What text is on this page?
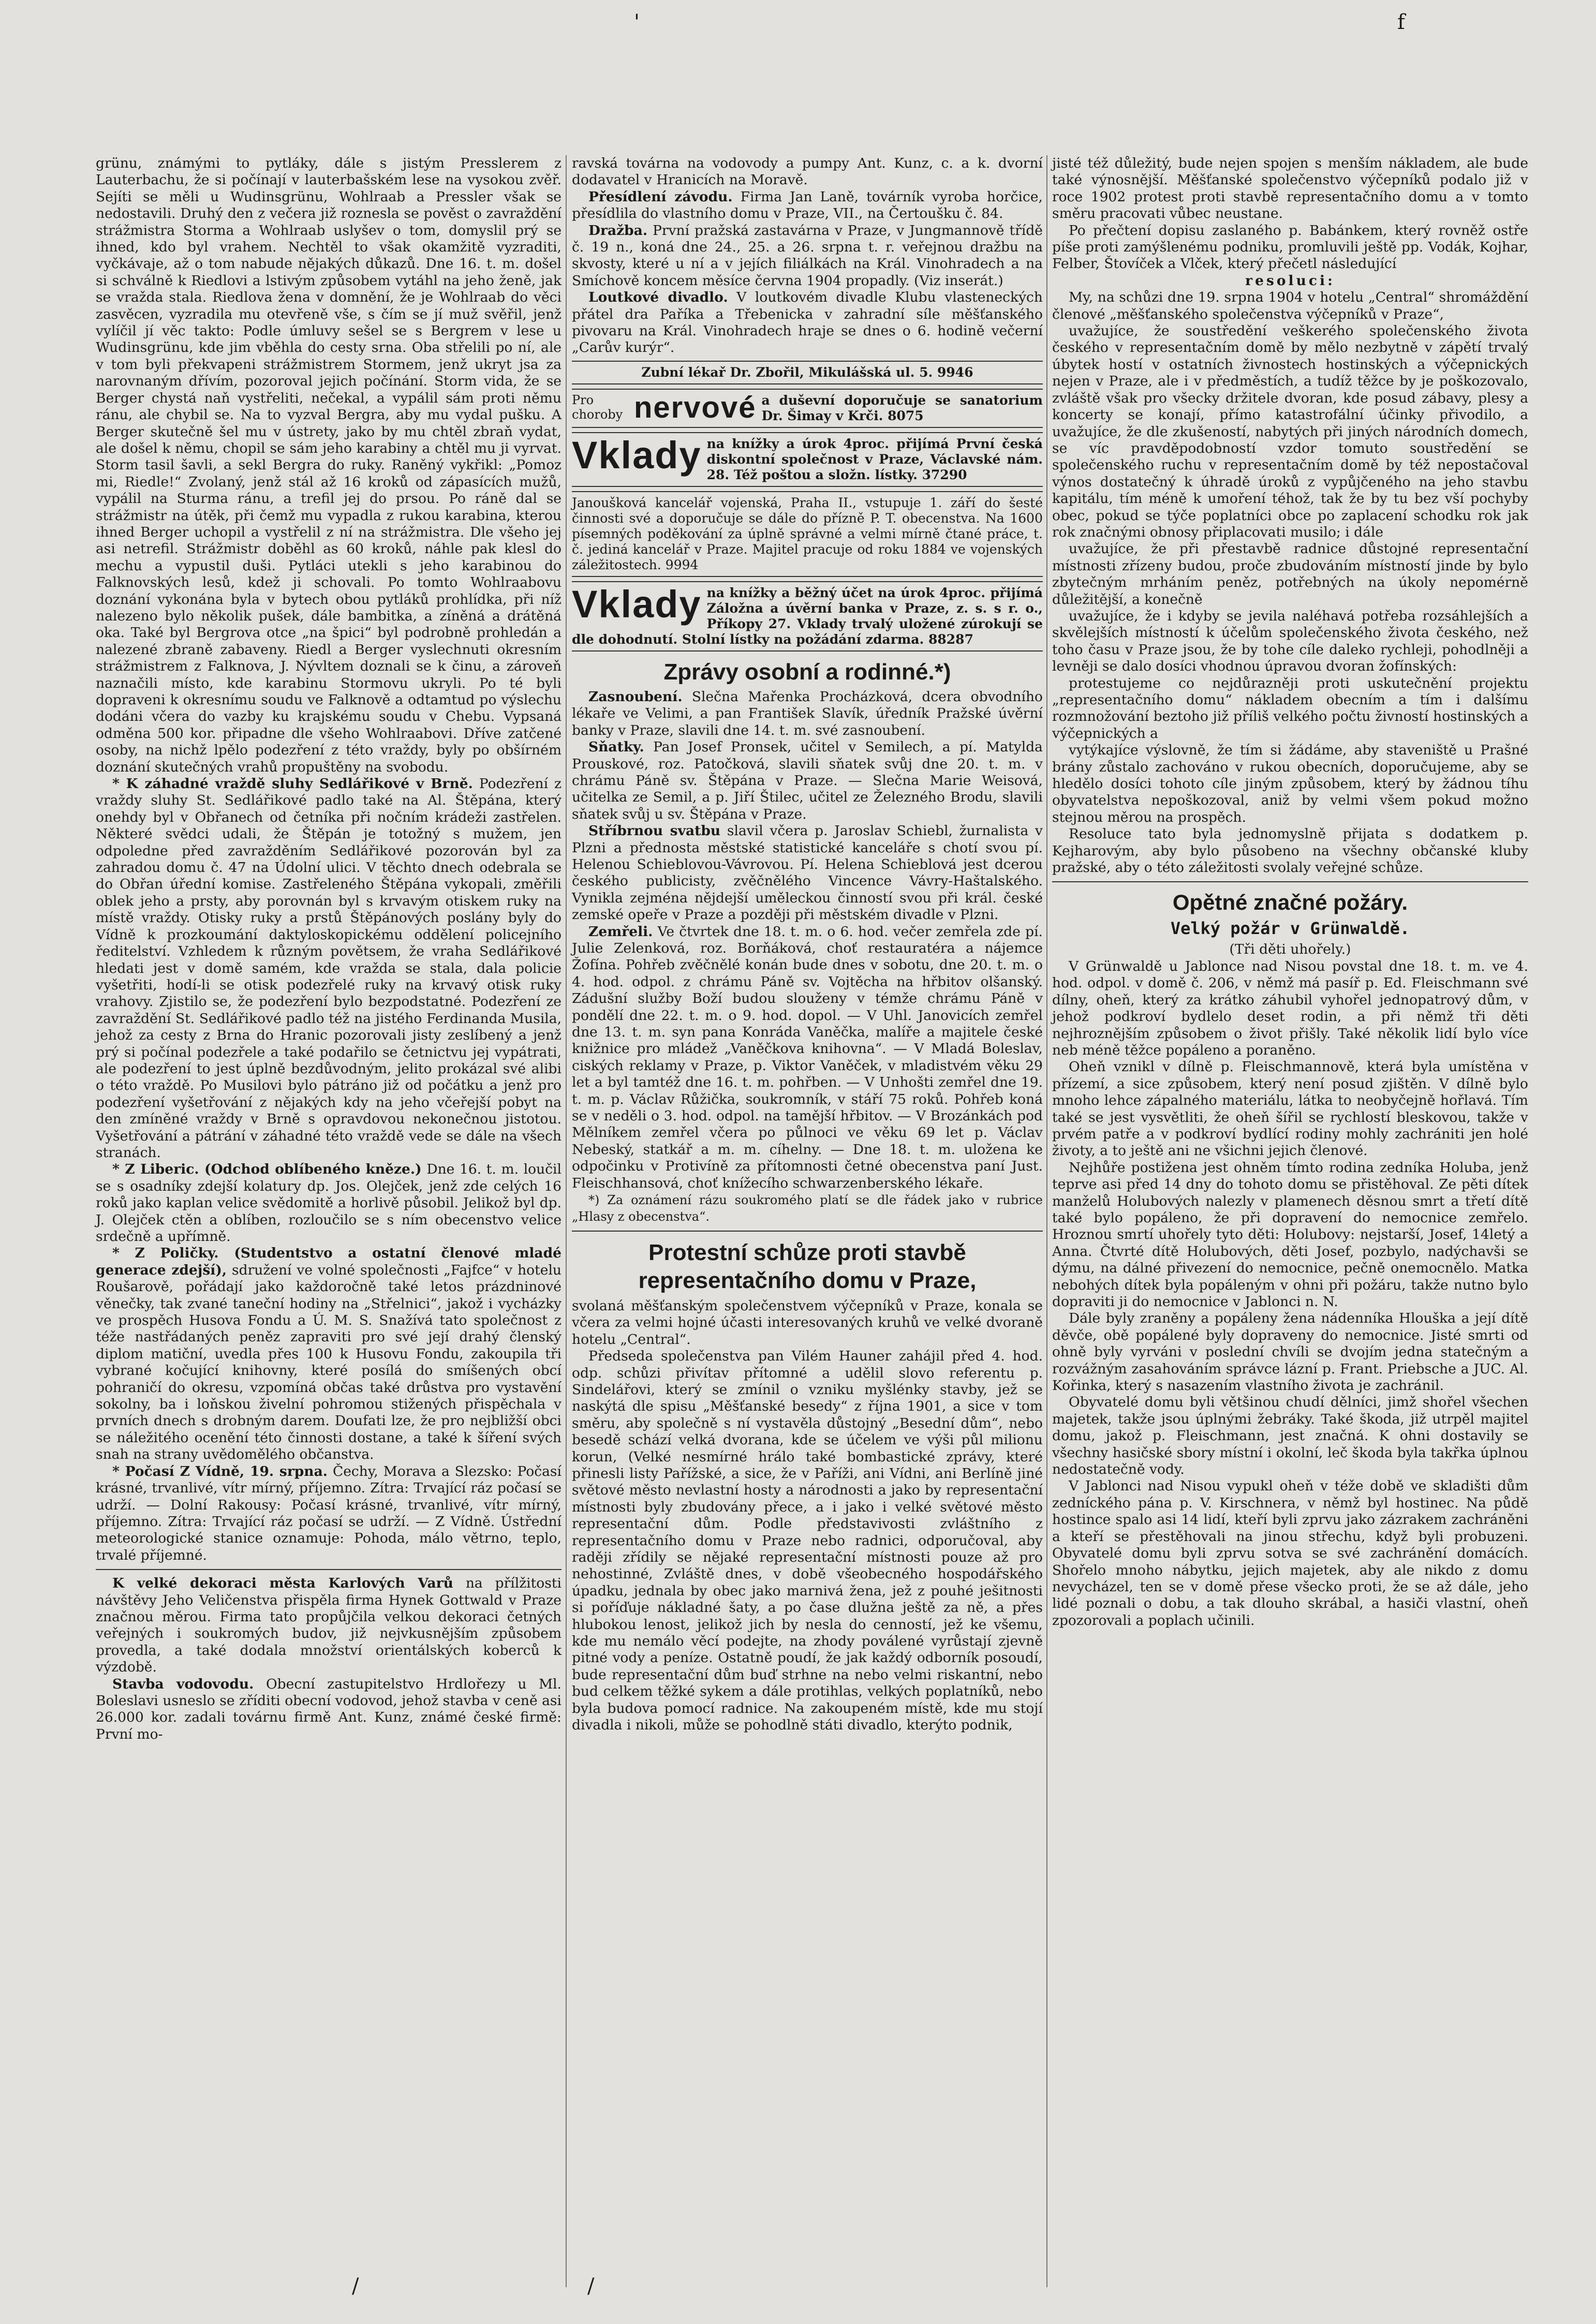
'	f
/	/

grünu, známými to pytláky, dále s jistým Presslerem z Lauterbachu, že si počínají v lauterbašském lese na vysokou zvěř. Sejíti se měli u Wudinsgrünu, Wohlraab a Pressler však se nedostavili. Druhý den z večera již roznesla se pověst o zavraždění strážmistra Storma a Wohlraab uslyšev o tom, domyslil prý se ihned, kdo byl vrahem. Nechtěl to však okamžitě vyzraditi, vyčkávaje, až o tom nabude nějakých důkazů. Dne 16. t. m. došel si schválně k Riedlovi a lstivým způsobem vytáhl na jeho ženě, jak se vražda stala. Riedlova žena v domnění, že je Wohlraab do věci zasvěcen, vyzradila mu otevřeně vše, s čím se jí muž svěřil, jenž vylíčil jí věc takto: Podle úmluvy sešel se s Bergrem v lese u Wudinsgrünu, kde jim vběhla do cesty srna. Oba střelili po ní, ale v tom byli překvapeni strážmistrem Stormem, jenž ukryt jsa za narovnaným dřívím, pozoroval jejich počínání. Storm vida, že se Berger chystá naň vystřeliti, nečekal, a vypálil sám proti němu ránu, ale chybil se. Na to vyzval Bergra, aby mu vydal pušku. A Berger skutečně šel mu v ústrety, jako by mu chtěl zbraň vydat, ale došel k němu, chopil se sám jeho karabiny a chtěl mu ji vyrvat. Storm tasil šavli, a sekl Bergra do ruky. Raněný vykřikl: „Pomoz mi, Riedle!“ Zvolaný, jenž stál až 16 kroků od zápasících mužů, vypálil na Sturma ránu, a trefil jej do prsou. Po ráně dal se strážmistr na útěk, při čemž mu vypadla z rukou karabina, kterou ihned Berger uchopil a vystřelil z ní na strážmistra. Dle všeho jej asi netrefil. Strážmistr doběhl as 60 kroků, náhle pak klesl do mechu a vypustil duši. Pytláci utekli s jeho karabinou do Falknovských lesů, kdež ji schovali. Po tomto Wohlraabovu doznání vykonána byla v bytech obou pytláků prohlídka, při níž nalezeno bylo několik pušek, dále bambitka, a zíněná a drátěná oka. Také byl Bergrova otce „na špici“ byl podrobně prohledán a nalezené zbraně zabaveny. Riedl a Berger vyslechnuti okresním strážmistrem z Falknova, J. Nývltem doznali se k činu, a zároveň naznačili místo, kde karabinu Stormovu ukryli. Po té byli dopraveni k okresnímu soudu ve Falknově a odtamtud po výslechu dodáni včera do vazby ku krajskému soudu v Chebu. Vypsaná odměna 500 kor. připadne dle všeho Wohlraabovi. Dříve zatčené osoby, na nichž lpělo podezření z této vraždy, byly po obšírném doznání skutečných vrahů propuštěny na svobodu.

* K záhadné vraždě sluhy Sedlářikové v Brně. Podezření z vraždy sluhy St. Sedlářikové padlo také na Al. Štěpána, který onehdy byl v Obřanech od četníka při nočním krádeži zastřelen. Některé svědci udali, že Štěpán je totožný s mužem, jen odpoledne před zavražděním Sedlářikové pozorován byl za zahradou domu č. 47 na Údolní ulici. V těchto dnech odebrala se do Obřan úřední komise. Zastřeleného Štěpána vykopali, změřili oblek jeho a prsty, aby porovnán byl s krvavým otiskem ruky na místě vraždy. Otisky ruky a prstů Štěpánových poslány byly do Vídně k prozkoumání daktyloskopickému oddělení policejního ředitelství. Vzhledem k různým povětsem, že vraha Sedlářikové hledati jest v domě samém, kde vražda se stala, dala policie vyšetřiti, hodí-li se otisk podezřelé ruky na krvavý otisk ruky vrahovy. Zjistilo se, že podezření bylo bezpodstatné. Podezření ze zavraždění St. Sedlářikové padlo též na jistého Ferdinanda Musila, jehož za cesty z Brna do Hranic pozorovali jisty zeslíbený a jenž prý si počínal podezřele a také podařilo se četnictvu jej vypátrati, ale podezření to jest úplně bezdůvodným, jelito prokázal své alibi o této vraždě. Po Musilovi bylo pátráno již od počátku a jenž pro podezření vyšetřování z nějakých kdy na jeho včeřejší pobyt na den zmíněné vraždy v Brně s opravdovou nekonečnou jistotou. Vyšetřování a pátrání v záhadné této vraždě vede se dále na všech stranách.

* Z Liberic. (Odchod oblíbeného kněze.) Dne 16. t. m. loučil se s osadníky zdejší kolatury dp. Jos. Olejček, jenž zde celých 16 roků jako kaplan velice svědomitě a horlivě působil. Jelikož byl dp. J. Olejček ctěn a oblíben, rozloučilo se s ním obecenstvo velice srdečně a upřímně.

* Z Poličky. (Studentstvo a ostatní členové mladé generace zdejší), sdružení ve volné společnosti „Fajfce“ v hotelu Roušarově, pořádají jako každoročně také letos prázdninové věnečky, tak zvané taneční hodiny na „Střelnici“, jakož i vycházky ve prospěch Husova Fondu a Ú. M. S. Snažívá tato společnost z téže nastřádaných peněz zapraviti pro své její drahý členský diplom matiční, uvedla přes 100 k Husovu Fondu, zakoupila tři vybrané kočující knihovny, které posílá do smíšených obcí pohraničí do okresu, vzpomíná občas také drůstva pro vystavění sokolny, ba i loňskou živelní pohromou stižených přispěchala v prvních dnech s drobným darem. Doufati lze, že pro nejbližší obci se náležitého ocenění této činnosti dostane, a také k šíření svých snah na strany uvědomělého občanstva.

* Počasí Z Vídně, 19. srpna. Čechy, Morava a Slezsko: Počasí krásné, trvanlivé, vítr mírný, příjemno. Zítra: Trvající ráz počasí se udrží. — Dolní Rakousy: Počasí krásné, trvanlivé, vítr mírný, příjemno. Zítra: Trvající ráz počasí se udrží. — Z Vídně. Ústřední meteorologické stanice oznamuje: Pohoda, málo větrno, teplo, trvalé příjemné.

K velké dekoraci města Karlových Varů na přílžitosti návštěvy Jeho Veličenstva přispěla firma Hynek Gottwald v Praze značnou měrou. Firma tato propůjčila velkou dekoraci četných veřejných i soukromých budov, již nejvkusnějším způsobem provedla, a také dodala množství orientálských koberců k výzdobě.

Stavba vodovodu. Obecní zastupitelstvo Hrdlořezy u Ml. Boleslavi usneslo se zříditi obecní vodovod, jehož stavba v ceně asi 26.000 kor. zadali továrnu firmě Ant. Kunz, známé české firmě: První mo-

ravská továrna na vodovody a pumpy Ant. Kunz, c. a k. dvorní dodavatel v Hranicích na Moravě.

Přesídlení závodu. Firma Jan Laně, továrník vyroba horčice, přesídlila do vlastního domu v Praze, VII., na Čertoušku č. 84.

Dražba. První pražská zastavárna v Praze, v Jungmannově třídě č. 19 n., koná dne 24., 25. a 26. srpna t. r. veřejnou dražbu na skvosty, které u ní a v jejích filiálkách na Král. Vinohradech a na Smíchově koncem měsíce června 1904 propadly. (Viz inserát.)

Loutkové divadlo. V loutkovém divadle Klubu vlasteneckých přátel dra Paříka a Třebenicka v zahradní síle měšťanského pivovaru na Král. Vinohradech hraje se dnes o 6. hodině večerní „Carův kurýr“.

Zubní lékař Dr. Zbořil, Mikulášská ul. 5. 9946
Pro choroby nervové a duševní doporučuje se sanatorium Dr. Šimay v Krči. 8075
Vklady na knížky a úrok 4proc. přijímá První česká diskontní společnost v Praze, Václavské nám. 28. Též poštou a složn. lístky. 37290
Janoušková kancelář vojenská, Praha II., vstupuje 1. září do šesté činnosti své a doporučuje se dále do přízně P. T. obecenstva. Na 1600 písemných poděkování za úplně správné a velmi mírně čtané práce, t. č. jediná kancelář v Praze. Majitel pracuje od roku 1884 ve vojenských záležitostech. 9994
Vklady na knížky a běžný účet na úrok 4proc. přijímá Záložna a úvěrní banka v Praze, z. s. s r. o., Příkopy 27. Vklady trvalý uložené zúrokují se dle dohodnutí. Stolní lístky na požádání zdarma. 88287
Zprávy osobní a rodinné.*)

Zasnoubení. Slečna Mařenka Procházková, dcera obvodního lékaře ve Velimi, a pan František Slavík, úředník Pražské úvěrní banky v Praze, slavili dne 14. t. m. své zasnoubení.

Sňatky. Pan Josef Pronsek, učitel v Semilech, a pí. Matylda Prouskové, roz. Patočková, slavili sňatek svůj dne 20. t. m. v chrámu Páně sv. Štěpána v Praze. — Slečna Marie Weisová, učitelka ze Semil, a p. Jiří Štilec, učitel ze Železného Brodu, slavili sňatek svůj u sv. Štěpána v Praze.

Stříbrnou svatbu slavil včera p. Jaroslav Schiebl, žurnalista v Plzni a přednosta městské statistické kanceláře s chotí svou pí. Helenou Schieblovou-Vávrovou. Pí. Helena Schieblová jest dcerou českého publicisty, zvěčnělého Vincence Vávry-Haštalského. Vynikla zejména nějdejší uměleckou činností svou při král. české zemské opeře v Praze a později při městském divadle v Plzni.

Zemřeli. Ve čtvrtek dne 18. t. m. o 6. hod. večer zemřela zde pí. Julie Zelenková, roz. Borňáková, choť restauratéra a nájemce Žofína. Pohřeb zvěčnělé konán bude dnes v sobotu, dne 20. t. m. o 4. hod. odpol. z chrámu Páně sv. Vojtěcha na hřbitov olšanský. Zádušní služby Boží budou slouženy v témže chrámu Páně v pondělí dne 22. t. m. o 9. hod. dopol. — V Uhl. Janovicích zemřel dne 13. t. m. syn pana Konráda Vaněčka, malíře a majitele české knižnice pro mládež „Vaněčkova knihovna“. — V Mladá Boleslav, ciských reklamy v Praze, p. Viktor Vaněček, v mladistvém věku 29 let a byl tamtéž dne 16. t. m. pohřben. — V Unhošti zemřel dne 19. t. m. p. Václav Růžička, soukromník, v stáří 75 roků. Pohřeb koná se v neděli o 3. hod. odpol. na tamější hřbitov. — V Brozánkách pod Mělníkem zemřel včera po půlnoci ve věku 69 let p. Václav Nebeský, statkář a m. m. cíhelny. — Dne 18. t. m. uložena ke odpočinku v Protivíně za přítomnosti četné obecenstva paní Just. Fleischhansová, choť knížecího schwarzenberského lékaře.

*) Za oznámení rázu soukromého platí se dle řádek jako v rubrice „Hlasy z obecenstva“.

Protestní schůze proti stavbě representačního domu v Praze,

svolaná měšťanským společenstvem výčepníků v Praze, konala se včera za velmi hojné účasti interesovaných kruhů ve velké dvoraně hotelu „Central“.

Předseda společenstva pan Vilém Hauner zahájil před 4. hod. odp. schůzi přivítav přítomné a udělil slovo referentu p. Sindelářovi, který se zmínil o vzniku myšlénky stavby, jež se naskýtá dle spisu „Měšťanské besedy“ z října 1901, a sice v tom směru, aby společně s ní vystavěla důstojný „Besední dům“, nebo besedě schází velká dvorana, kde se účelem ve výši půl milionu korun, (Velké nesmírné hrálo také bombastické zprávy, které přinesli listy Pařížské, a sice, že v Paříži, ani Vídni, ani Berlíně jiné světové město nevlastní hosty a národnosti a jako by representační místnosti byly zbudovány přece, a i jako i velké světové město representační dům. Podle představivosti zvláštního z representačního domu v Praze nebo radnici, odporučoval, aby raději zřídily se nějaké representační místnosti pouze až pro nehostinné, Zvláště dnes, v době všeobecného hospodářského úpadku, jednala by obec jako marnivá žena, jež z pouhé ješitnosti si poříďuje nákladné šaty, a po čase dlužna ještě za ně, a přes hlubokou lenost, jelikož jich by nesla do cenností, jež ke všemu, kde mu nemálo věcí podejte, na zhody poválené vyrůstají zjevně pitné vody a peníze. Ostatně poudí, že jak každý odborník posoudí, bude representační dům buď strhne na nebo velmi riskantní, nebo bud celkem těžké sykem a dále protihlas, velkých poplatníků, nebo byla budova pomocí radnice. Na zakoupeném místě, kde mu stojí divadla i nikoli, může se pohodlně státi divadlo, kterýto podnik,

jisté též důležitý, bude nejen spojen s menším nákladem, ale bude také výnosnější. Měšťanské společenstvo výčepníků podalo již v roce 1902 protest proti stavbě representačního domu a v tomto směru pracovati vůbec neustane.

Po přečtení dopisu zaslaného p. Babánkem, který rovněž ostře píše proti zamýšlenému podniku, promluvili ještě pp. Vodák, Kojhar, Felber, Štovíček a Vlček, který přečetl následující

resoluci:

My, na schůzi dne 19. srpna 1904 v hotelu „Central“ shromáždění členové „měšťanského společenstva výčepníků v Praze“,

uvažujíce, že soustředění veškerého společenského života českého v representačním domě by mělo nezbytně v zápětí trvalý úbytek hostí v ostatních živnostech hostinských a výčepnických nejen v Praze, ale i v předměstích, a tudíž těžce by je poškozovalo, zvláště však pro všecky držitele dvoran, kde posud zábavy, plesy a koncerty se konají, přímo katastrofální účinky přivodilo, a uvažujíce, že dle zkušeností, nabytých při jiných národních domech, se víc pravděpodobností vzdor tomuto soustředění se společenského ruchu v representačním domě by též nepostačoval výnos dostatečný k úhradě úroků z vypůjčeného na jeho stavbu kapitálu, tím méně k umoření téhož, tak že by tu bez vší pochyby obec, pokud se týče poplatníci obce po zaplacení schodku rok jak rok značnými obnosy připlacovati musilo; i dále

uvažujíce, že při přestavbě radnice důstojné representační místnosti zřízeny budou, proče zbudováním místností jinde by bylo zbytečným mrháním peněz, potřebných na úkoly nepomérně důležitější, a konečně

uvažujíce, že i kdyby se jevila naléhavá potřeba rozsáhlejších a skvělejších místností k účelům společenského života českého, než toho času v Praze jsou, že by tohe cíle daleko rychleji, pohodlněji a levněji se dalo dosíci vhodnou úpravou dvoran žofínských:

protestujeme co nejdůrazněji proti uskutečnění projektu „representačního domu“ nákladem obecním a tím i dalšímu rozmnožování beztoho již příliš velkého počtu živností hostinských a výčepnických a

vytýkajíce výslovně, že tím si žádáme, aby staveniště u Prašné brány zůstalo zachováno v rukou obecních, doporučujeme, aby se hledělo dosíci tohoto cíle jiným způsobem, který by žádnou tíhu obyvatelstva nepoškozoval, aniž by velmi všem pokud možno stejnou měrou na prospěch.

Resoluce tato byla jednomyslně přijata s dodatkem p. Kejharovým, aby bylo působeno na všechny občanské kluby pražské, aby o této záležitosti svolaly veřejné schůze.

Opětné značné požáry.
Velký požár v Grünwaldě.

(Tři děti uhořely.)

V Grünwaldě u Jablonce nad Nisou povstal dne 18. t. m. ve 4. hod. odpol. v domě č. 206, v němž má pasíř p. Ed. Fleischmann své dílny, oheň, který za krátko záhubil vyhořel jednopatrový dům, v jehož podkroví bydlelo deset rodin, a při němž tři děti nejhroznějším způsobem o život přišly. Také několik lidí bylo více neb méně těžce popáleno a poraněno.

Oheň vznikl v dílně p. Fleischmannově, která byla umístěna v přízemí, a sice způsobem, který není posud zjištěn. V dílně bylo mnoho lehce zápalného materiálu, látka to neobyčejně hořlavá. Tím také se jest vysvětliti, že oheň šířil se rychlostí bleskovou, takže v prvém patře a v podkroví bydlící rodiny mohly zachrániti jen holé životy, a to ještě ani ne všichni jejich členové.

Nejhůře postižena jest ohněm tímto rodina zedníka Holuba, jenž teprve asi před 14 dny do tohoto domu se přistěhoval. Ze pěti dítek manželů Holubových nalezly v plamenech děsnou smrt a třetí dítě také bylo popáleno, že při dopravení do nemocnice zemřelo. Hroznou smrtí uhořely tyto děti: Holubovy: nejstarší, Josef, 14letý a Anna. Čtvrté dítě Holubových, děti Josef, pozbylo, nadýchavši se dýmu, na dálné přivezení do nemocnice, pečně onemocnělo. Matka nebohých dítek byla popáleným v ohni při požáru, takže nutno bylo dopraviti ji do nemocnice v Jablonci n. N.

Dále byly zraněny a popáleny žena nádenníka Hlouška a její dítě děvče, obě popálené byly dopraveny do nemocnice. Jisté smrti od ohně byly vyrváni v poslední chvíli se dvojím jedna statečným a rozvážným zasahováním správce lázní p. Frant. Priebsche a JUC. Al. Kořinka, který s nasazením vlastního života je zachránil.

Obyvatelé domu byli většinou chudí dělníci, jimž shořel všechen majetek, takže jsou úplnými žebráky. Také škoda, již utrpěl majitel domu, jakož p. Fleischmann, jest značná. K ohni dostavily se všechny hasičské sbory místní i okolní, leč škoda byla takřka úplnou nedostatečně vody.

V Jablonci nad Nisou vypukl oheň v téže době ve skladišti dům zedníckého pána p. V. Kirschnera, v němž byl hostinec. Na půdě hostince spalo asi 14 lidí, kteří byli zprvu jako zázrakem zachráněni a kteří se přestěhovali na jinou střechu, když byli probuzeni. Obyvatelé domu byli zprvu sotva se své zachránění domácích. Shořelo mnoho nábytku, jejich majetek, aby ale nikdo z domu nevycházel, ten se v domě přese všecko proti, že se až dále, jeho lidé poznali o dobu, a tak dlouho skrábal, a hasiči vlastní, oheň zpozorovali a poplach učinili.
